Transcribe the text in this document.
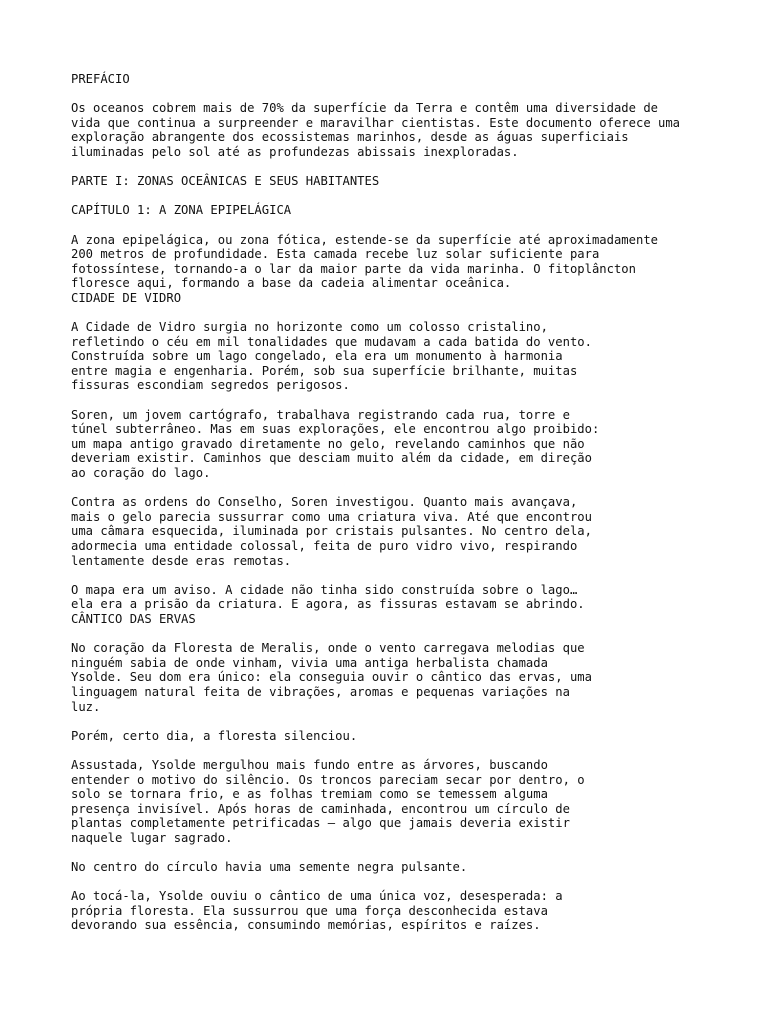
PREFÁCIO
Os oceanos cobrem mais de 70% da superfície da Terra e contêm uma diversidade de
vida que continua a surpreender e maravilhar cientistas. Este documento oferece uma
exploração abrangente dos ecossistemas marinhos, desde as águas superficiais
iluminadas pelo sol até as profundezas abissais inexploradas.
PARTE I: ZONAS OCEÂNICAS E SEUS HABITANTES
CAPÍTULO 1: A ZONA EPIPELÁGICA
A zona epipelágica, ou zona fótica, estende-se da superfície até aproximadamente
200 metros de profundidade. Esta camada recebe luz solar suficiente para
fotossíntese, tornando-a o lar da maior parte da vida marinha. O fitoplâncton
floresce aqui, formando a base da cadeia alimentar oceânica.
CIDADE DE VIDRO
A Cidade de Vidro surgia no horizonte como um colosso cristalino,
refletindo o céu em mil tonalidades que mudavam a cada batida do vento.
Construída sobre um lago congelado, ela era um monumento à harmonia
entre magia e engenharia. Porém, sob sua superfície brilhante, muitas
fissuras escondiam segredos perigosos.
Soren, um jovem cartógrafo, trabalhava registrando cada rua, torre e
túnel subterrâneo. Mas em suas explorações, ele encontrou algo proibido:
um mapa antigo gravado diretamente no gelo, revelando caminhos que não
deveriam existir. Caminhos que desciam muito além da cidade, em direção
ao coração do lago.
Contra as ordens do Conselho, Soren investigou. Quanto mais avançava,
mais o gelo parecia sussurrar como uma criatura viva. Até que encontrou
uma câmara esquecida, iluminada por cristais pulsantes. No centro dela,
adormecia uma entidade colossal, feita de puro vidro vivo, respirando
lentamente desde eras remotas.
O mapa era um aviso. A cidade não tinha sido construída sobre o lago…
ela era a prisão da criatura. E agora, as fissuras estavam se abrindo.
CÂNTICO DAS ERVAS
No coração da Floresta de Meralis, onde o vento carregava melodias que
ninguém sabia de onde vinham, vivia uma antiga herbalista chamada
Ysolde. Seu dom era único: ela conseguia ouvir o cântico das ervas, uma
linguagem natural feita de vibrações, aromas e pequenas variações na
luz.
Porém, certo dia, a floresta silenciou.
Assustada, Ysolde mergulhou mais fundo entre as árvores, buscando
entender o motivo do silêncio. Os troncos pareciam secar por dentro, o
solo se tornara frio, e as folhas tremiam como se temessem alguma
presença invisível. Após horas de caminhada, encontrou um círculo de
plantas completamente petrificadas — algo que jamais deveria existir
naquele lugar sagrado.
No centro do círculo havia uma semente negra pulsante.
Ao tocá-la, Ysolde ouviu o cântico de uma única voz, desesperada: a
própria floresta. Ela sussurrou que uma força desconhecida estava
devorando sua essência, consumindo memórias, espíritos e raízes.
